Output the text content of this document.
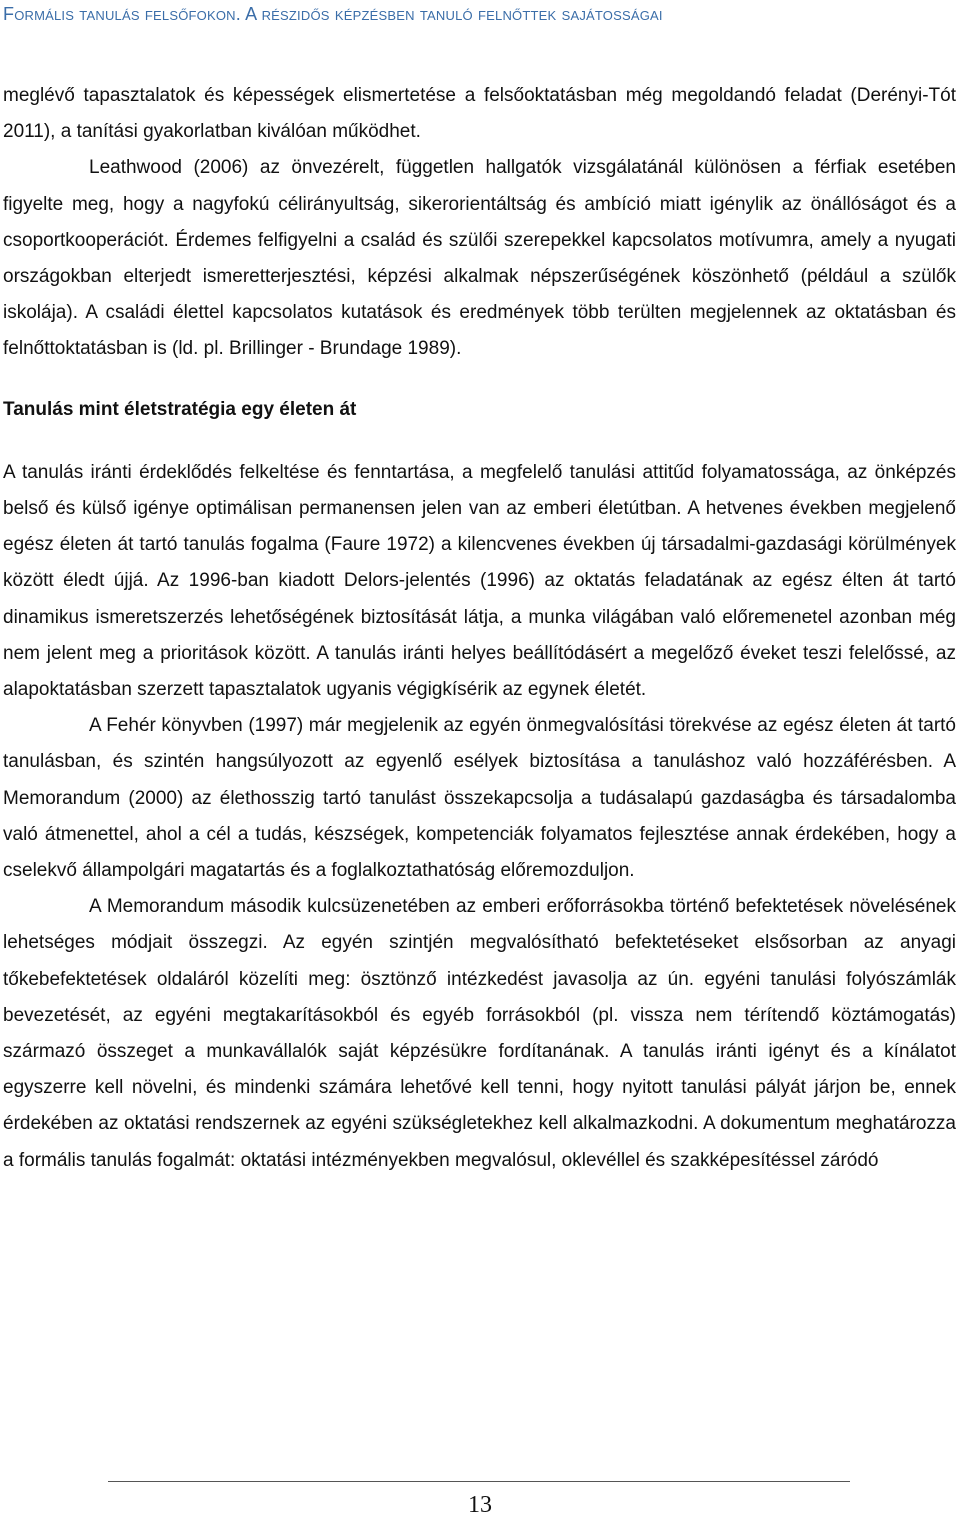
Formális tanulás felsőfokon. A részidős képzésben tanuló felnőttek sajátosságai

meglévő tapasztalatok és képességek elismertetése a felsőoktatásban még megoldandó feladat (Derényi-Tót 2011), a tanítási gyakorlatban kiválóan működhet.

Leathwood (2006) az önvezérelt, független hallgatók vizsgálatánál különösen a férfiak esetében figyelte meg, hogy a nagyfokú célirányultság, sikerorientáltság és ambíció miatt igénylik az önállóságot és a csoportkooperációt. Érdemes felfigyelni a család és szülői szerepekkel kapcsolatos motívumra, amely a nyugati országokban elterjedt ismeretterjesztési, képzési alkalmak népszerűségének köszönhető (például a szülők iskolája). A családi élettel kapcsolatos kutatások és eredmények több terülten megjelennek az oktatásban és felnőttoktatásban is (ld. pl. Brillinger - Brundage 1989).

Tanulás mint életstratégia egy életen át

A tanulás iránti érdeklődés felkeltése és fenntartása, a megfelelő tanulási attitűd folyamatossága, az önképzés belső és külső igénye optimálisan permanensen jelen van az emberi életútban. A hetvenes években megjelenő egész életen át tartó tanulás fogalma (Faure 1972) a kilencvenes években új társadalmi-gazdasági körülmények között éledt újjá. Az 1996-ban kiadott Delors-jelentés (1996) az oktatás feladatának az egész élten át tartó dinamikus ismeretszerzés lehetőségének biztosítását látja, a munka világában való előremenetel azonban még nem jelent meg a prioritások között. A tanulás iránti helyes beállítódásért a megelőző éveket teszi felelőssé, az alapoktatásban szerzett tapasztalatok ugyanis végigkísérik az egynek életét.

A Fehér könyvben (1997) már megjelenik az egyén önmegvalósítási törekvése az egész életen át tartó tanulásban, és szintén hangsúlyozott az egyenlő esélyek biztosítása a tanuláshoz való hozzáférésben. A Memorandum (2000) az élethosszig tartó tanulást összekapcsolja a tudásalapú gazdaságba és társadalomba való átmenettel, ahol a cél a tudás, készségek, kompetenciák folyamatos fejlesztése annak érdekében, hogy a cselekvő állampolgári magatartás és a foglalkoztathatóság előremozduljon.

A Memorandum második kulcsüzenetében az emberi erőforrásokba történő befektetések növelésének lehetséges módjait összegzi. Az egyén szintjén megvalósítható befektetéseket elsősorban az anyagi tőkebefektetések oldaláról közelíti meg: ösztönző intézkedést javasolja az ún. egyéni tanulási folyószámlák bevezetését, az egyéni megtakarításokból és egyéb forrásokból (pl. vissza nem térítendő köztámogatás) származó összeget a munkavállalók saját képzésükre fordítanának. A tanulás iránti igényt és a kínálatot egyszerre kell növelni, és mindenki számára lehetővé kell tenni, hogy nyitott tanulási pályát járjon be, ennek érdekében az oktatási rendszernek az egyéni szükségletekhez kell alkalmazkodni. A dokumentum meghatározza a formális tanulás fogalmát: oktatási intézményekben megvalósul, oklevéllel és szakképesítéssel záródó

13
